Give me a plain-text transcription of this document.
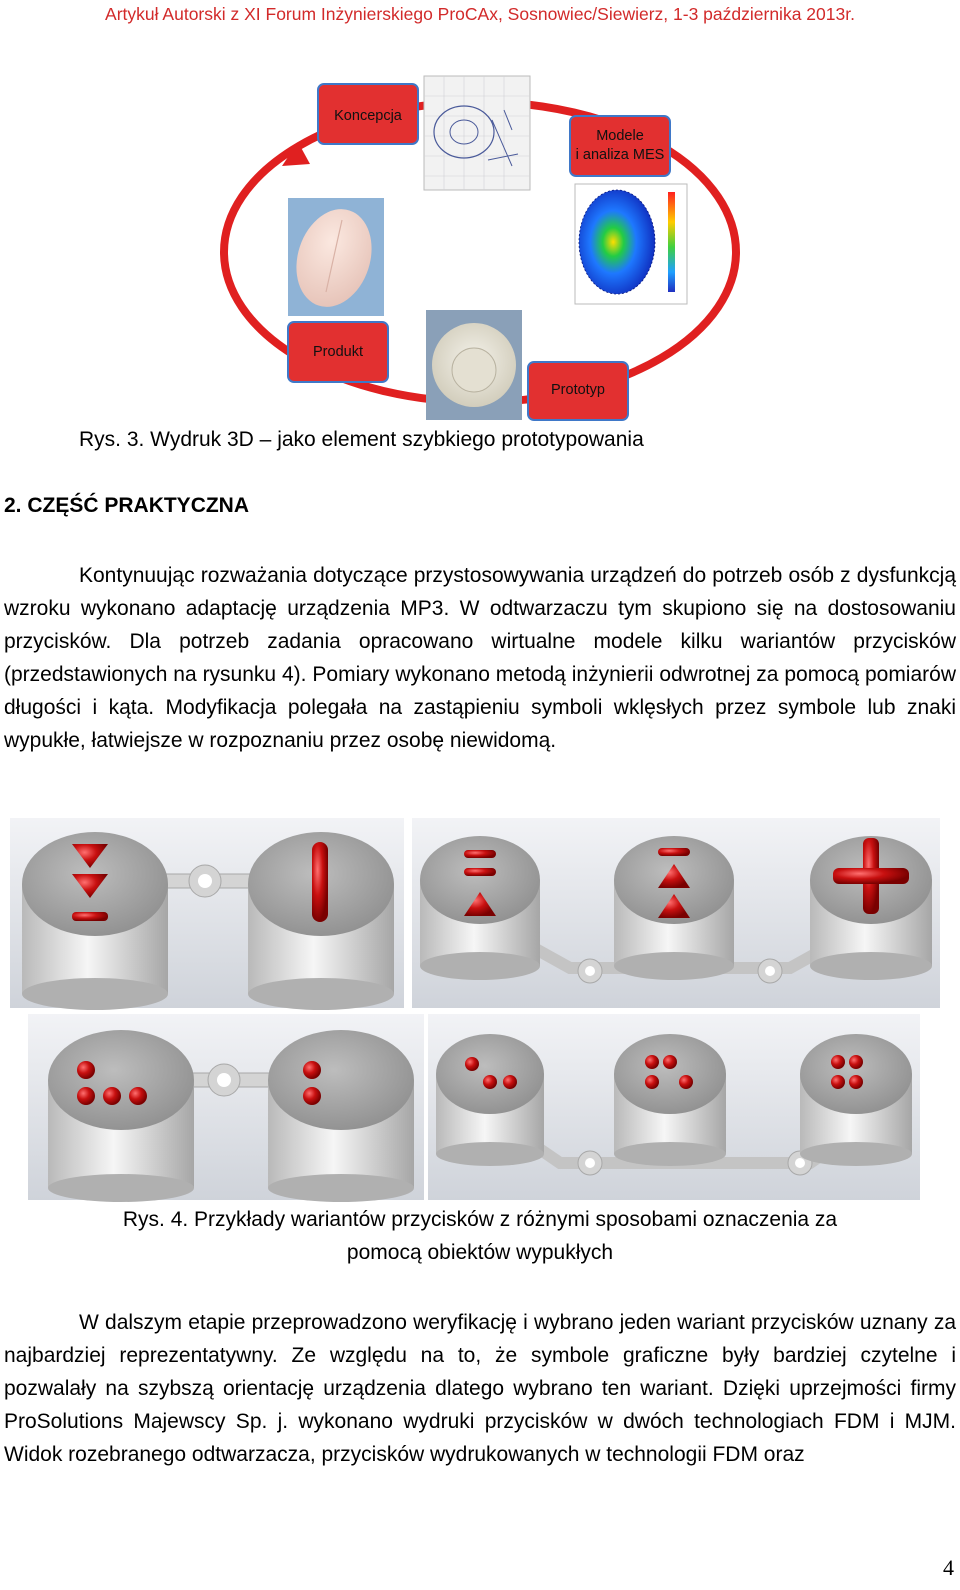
Artykuł Autorski z XI Forum Inżynierskiego ProCAx, Sosnowiec/Siewierz, 1-3 października 2013r.
Koncepcja
Modele
i analiza MES
Prototyp
Produkt
Rys. 3. Wydruk 3D – jako element szybkiego prototypowania
2. CZĘŚĆ PRAKTYCZNA

Kontynuując rozważania dotyczące przystosowywania urządzeń do potrzeb osób z dysfunkcją wzroku wykonano adaptację urządzenia MP3. W odtwarzaczu tym skupiono się na dostosowaniu przycisków. Dla potrzeb zadania opracowano wirtualne modele kilku wariantów przycisków (przedstawionych na rysunku 4). Pomiary wykonano metodą inżynierii odwrotnej za pomocą pomiarów długości i kąta. Modyfikacja polegała na zastąpieniu symboli wklęsłych przez symbole lub znaki wypukłe, łatwiejsze w rozpoznaniu przez osobę niewidomą.

Rys. 4. Przykłady wariantów przycisków z różnymi sposobami oznaczenia za
pomocą obiektów wypukłych

W dalszym etapie przeprowadzono weryfikację i wybrano jeden wariant przycisków uznany za najbardziej reprezentatywny. Ze względu na to, że symbole graficzne były bardziej czytelne i pozwalały na szybszą orientację urządzenia dlatego wybrano ten wariant. Dzięki uprzejmości firmy ProSolutions Majewscy Sp. j. wykonano wydruki przycisków w dwóch technologiach FDM i MJM. Widok rozebranego odtwarzacza, przycisków wydrukowanych w technologii FDM oraz

4
